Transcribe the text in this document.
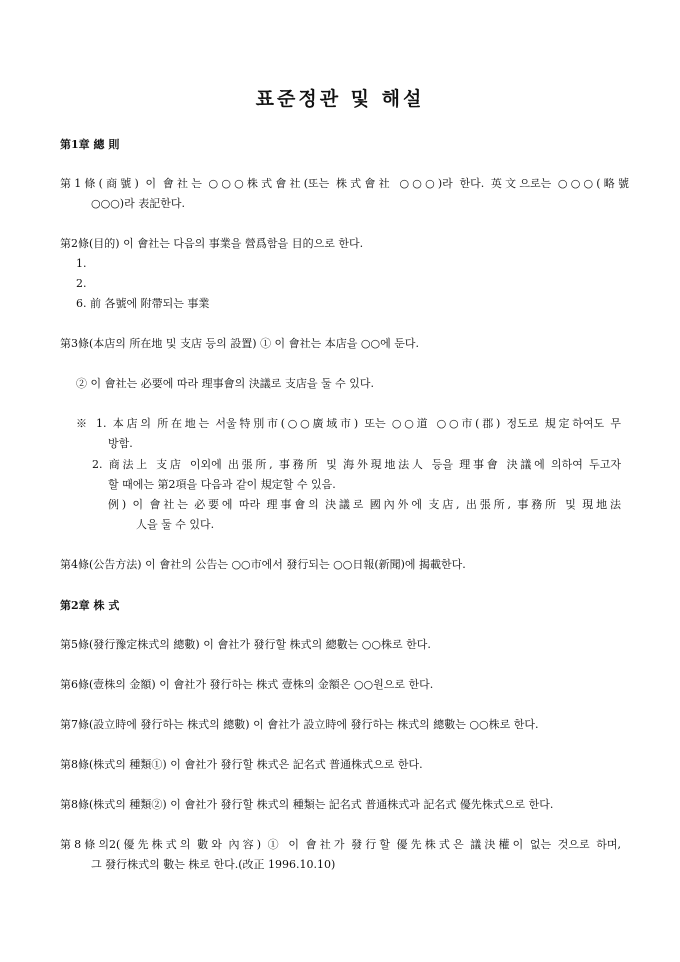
표준정관 및 해설
第1章 總 則
第1條(商號) 이 會社는 ○○○株式會社(또는 株式會社 ○○○)라 한다. 英文으로는 ○○○(略號
○○○)라 表記한다.
第2條(目的) 이 會社는 다음의 事業을 營爲함을 目的으로 한다.
1.
2.
6. 前 各號에 附帶되는 事業
第3條(本店의 所在地 및 支店 등의 設置) ① 이 會社는 本店을 ○○에 둔다.
② 이 會社는 必要에 따라 理事會의 決議로 支店을 둘 수 있다.
※ 1. 本店의 所在地는 서울特別市(○○廣域市) 또는 ○○道 ○○市(郡) 정도로 規定하여도 무
방함.
2. 商法上 支店 이외에 出張所, 事務所 및 海外現地法人 등을 理事會 決議에 의하여 두고자
할 때에는 第2項을 다음과 같이 規定할 수 있음.
例) 이 會社는 必要에 따라 理事會의 決議로 國內外에 支店, 出張所, 事務所 및 現地法
人을 둘 수 있다.
第4條(公告方法) 이 會社의 公告는 ○○市에서 發行되는 ○○日報(新聞)에 揭載한다.
第2章 株 式
第5條(發行豫定株式의 總數) 이 會社가 發行할 株式의 總數는 ○○株로 한다.
第6條(壹株의 金額) 이 會社가 發行하는 株式 壹株의 金額은 ○○원으로 한다.
第7條(設立時에 發行하는 株式의 總數) 이 會社가 設立時에 發行하는 株式의 總數는 ○○株로 한다.
第8條(株式의 種類①) 이 會社가 發行할 株式은 記名式 普通株式으로 한다.
第8條(株式의 種類②) 이 會社가 發行할 株式의 種類는 記名式 普通株式과 記名式 優先株式으로 한다.
第8條의2(優先株式의 數와 內容) ① 이 會社가 發行할 優先株式은 議決權이 없는 것으로 하며,
그 發行株式의 數는 株로 한다.(改正 1996.10.10)
